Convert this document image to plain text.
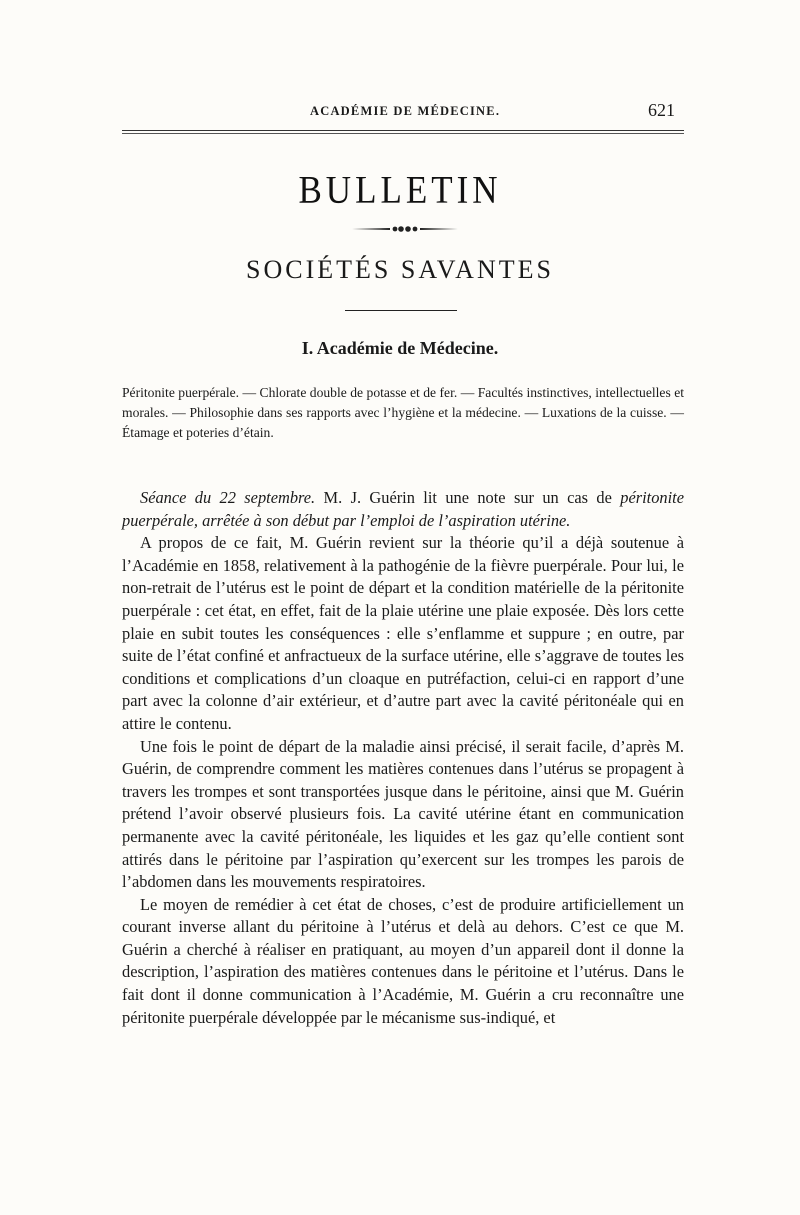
ACADÉMIE DE MÉDECINE.	621
BULLETIN
SOCIÉTÉS SAVANTES
I. Académie de Médecine.
Péritonite puerpérale. — Chlorate double de potasse et de fer. — Facultés instinctives, intellectuelles et morales. — Philosophie dans ses rapports avec l’hygiène et la médecine. — Luxations de la cuisse. — Étamage et poteries d’étain.

Séance du 22 septembre. M. J. Guérin lit une note sur un cas de péritonite puerpérale, arrêtée à son début par l’emploi de l’aspiration utérine.

A propos de ce fait, M. Guérin revient sur la théorie qu’il a déjà soutenue à l’Académie en 1858, relativement à la pathogénie de la fièvre puerpérale. Pour lui, le non-retrait de l’utérus est le point de départ et la condition matérielle de la péritonite puerpérale : cet état, en effet, fait de la plaie utérine une plaie exposée. Dès lors cette plaie en subit toutes les conséquences : elle s’enflamme et suppure ; en outre, par suite de l’état confiné et anfractueux de la surface utérine, elle s’aggrave de toutes les conditions et complications d’un cloaque en putréfaction, celui-ci en rapport d’une part avec la colonne d’air extérieur, et d’autre part avec la cavité péritonéale qui en attire le contenu.

Une fois le point de départ de la maladie ainsi précisé, il serait facile, d’après M. Guérin, de comprendre comment les matières contenues dans l’utérus se propagent à travers les trompes et sont transportées jusque dans le péritoine, ainsi que M. Guérin prétend l’avoir observé plusieurs fois. La cavité utérine étant en communication permanente avec la cavité péritonéale, les liquides et les gaz qu’elle contient sont attirés dans le péritoine par l’aspiration qu’exercent sur les trompes les parois de l’abdomen dans les mouvements respiratoires.

Le moyen de remédier à cet état de choses, c’est de produire artificiellement un courant inverse allant du péritoine à l’utérus et delà au dehors. C’est ce que M. Guérin a cherché à réaliser en pratiquant, au moyen d’un appareil dont il donne la description, l’aspiration des matières contenues dans le péritoine et l’utérus. Dans le fait dont il donne communication à l’Académie, M. Guérin a cru reconnaître une péritonite puerpérale développée par le mécanisme sus-indiqué, et
